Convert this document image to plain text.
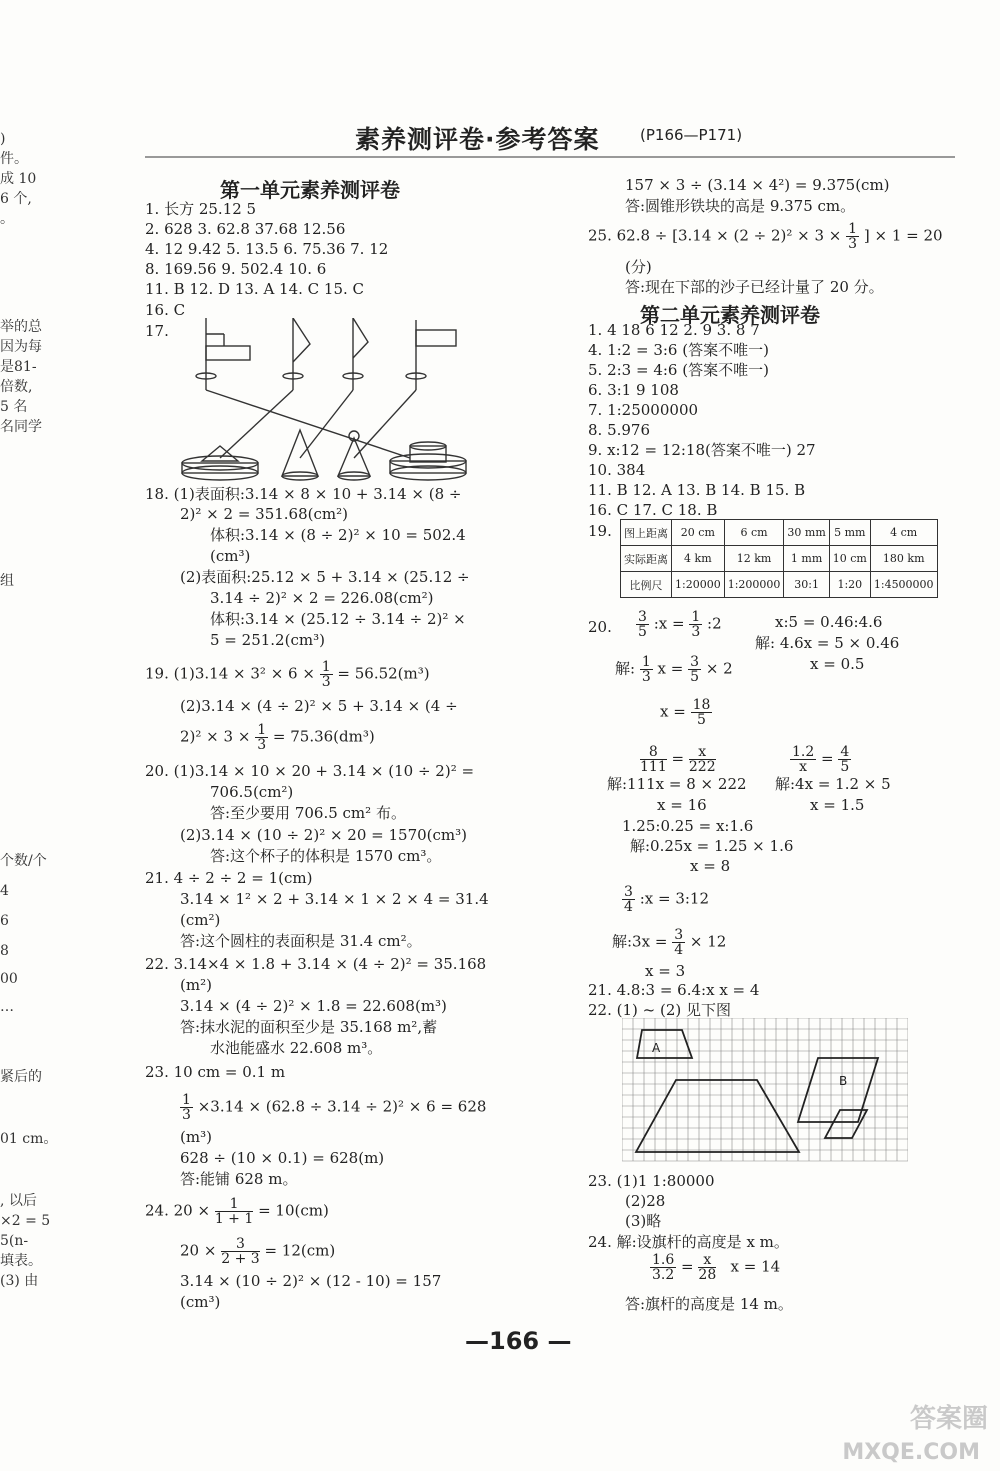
素养测评卷·参考答案	(P166—P171)
)
件。
成 10
6 个,
。
举的总
因为每
是81-
倍数,
5 名
名同学
组
个数/个
4
6
8
00
…
紧后的
01 cm。
, 以后
×2 = 5
5(n-
填表。
(3) 由
第一单元素养测评卷
1. 长方 25.12 5
2. 628 3. 62.8 37.68 12.56
4. 12 9.42 5. 13.5 6. 75.36 7. 12
8. 169.56 9. 502.4 10. 6
11. B 12. D 13. A 14. C 15. C
16. C
17.
18. (1)表面积:3.14 × 8 × 10 + 3.14 × (8 ÷
2)² × 2 = 351.68(cm²)
体积:3.14 × (8 ÷ 2)² × 10 = 502.4
(cm³)
(2)表面积:25.12 × 5 + 3.14 × (25.12 ÷
3.14 ÷ 2)² × 2 = 226.08(cm²)
体积:3.14 × (25.12 ÷ 3.14 ÷ 2)² ×
5 = 251.2(cm³)
(2)3.14 × (4 ÷ 2)² × 5 + 3.14 × (4 ÷
(2)3.14 × (10 ÷ 2)² × 20 = 1570(cm³)
答:这个杯子的体积是 1570 cm³。
21. 4 ÷ 2 ÷ 2 = 1(cm)
3.14 × 1² × 2 + 3.14 × 1 × 2 × 4 = 31.4
(cm²)
答:这个圆柱的表面积是 31.4 cm²。
22. 3.14×4 × 1.8 + 3.14 × (4 ÷ 2)² = 35.168
(m²)
3.14 × (4 ÷ 2)² × 1.8 = 22.608(m³)
答:抹水泥的面积至少是 35.168 m²,蓄
水池能盛水 22.608 m³。
23. 10 cm = 0.1 m
(m³)
628 ÷ (10 × 0.1) = 628(m)
答:能铺 628 m。
3.14 × (10 ÷ 2)² × (12 - 10) = 157
(cm³)
19. $(1)3.14 \times 3^2 \times 6 \times \frac{1}{3} = 56.52(m^3)$
$2)^2 \times 3 \times \frac{1}{3} = 75.36(dm^3)$
20. (1)3.14 × 10 × 20 + 3.14 × (10 ÷ 2)² =
706.5(cm²)
答:至少要用 706.5 cm² 布。
$\frac{1}{3} \times 3.14 \times (62.8 \div 3.14 \div 2)^2 \times 6 = 628$
24. $20 \times \frac{1}{1 + 1} = 10(cm)$
$20 \times \frac{3}{2 + 3} = 12(cm)$
157 × 3 ÷ (3.14 × 4²) = 9.375(cm)
答:圆锥形铁块的高是 9.375 cm。
(分)
答:现在下部的沙子已经计量了 20 分。
25. $62.8 \div [3.14 \times (2 \div 2)^2 \times 3 \times \frac{1}{3}$ ] × 1 = 20
第二单元素养测评卷
1. 4 18 6 12 2. 9 3. 8 7
4. 1:2 = 3:6 (答案不唯一)
5. 2:3 = 4:6 (答案不唯一)
6. 3:1 9 108
7. 1:25000000
8. 5.976
9. x:12 = 12:18(答案不唯一) 27
10. 384
11. B 12. A 13. B 14. B 15. B
16. C 17. C 18. B
19.
20.	x:5 = 0.46:4.6
解: 4.6x = 5 × 0.46
x = 0.5
解:111x = 8 × 222
x = 16
解:4x = 1.2 × 5
x = 1.5
1.25:0.25 = x:1.6
解:0.25x = 1.25 × 1.6
x = 8
x = 3
21. 4.8:3 = 6.4:x x = 4
22. (1) ~ (2) 见下图
23. (1)1 1:80000
(2)28
(3)略
24. 解:设旗杆的高度是 x m。
答:旗杆的高度是 14 m。
图上距离	20 cm	6 cm	30 mm	5 mm	4 cm
实际距离	4 km	12 km	1 mm	10 cm	180 km
比例尺	1:20000	1:200000	30:1	1:20	1:4500000
$\frac{3}{5}$ :x = $\frac{1}{3}$ :2
解: $\frac{1}{3}$ $x = \frac{3}{5} \times 2$
$x = \frac{18}{5}$
$\frac{8}{111} = \frac{x}{222}$	$\frac{1.2}{x} = \frac{4}{5}$
$\frac{3}{4}$ :x = 3:12
解:3x = $\frac{3}{4} \times 12$
A
B
$\frac{1.6}{3.2} = \frac{x}{28}$ x = 14
—166 —
答案圈
MXQE.COM
